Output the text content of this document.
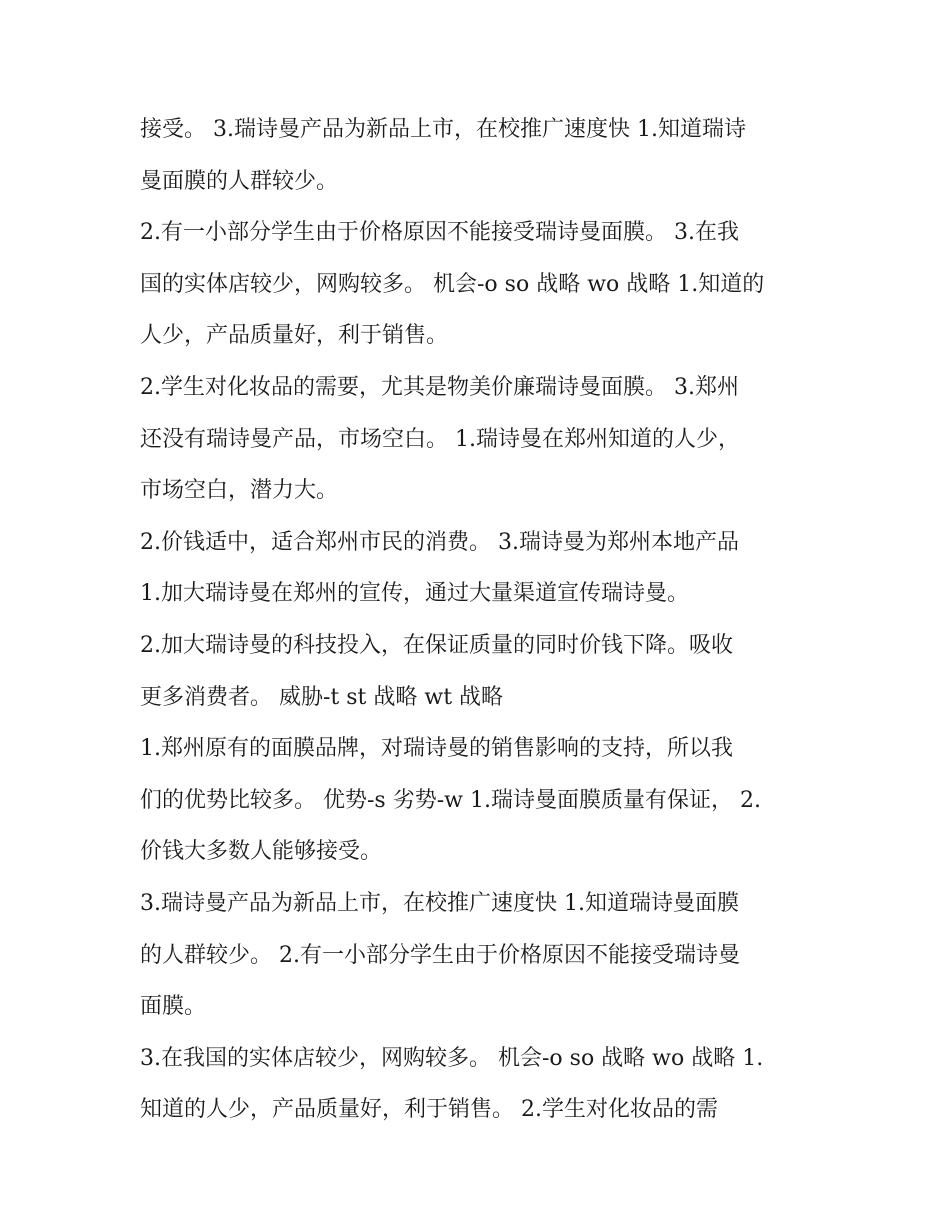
接受。 3.瑞诗曼产品为新品上市，在校推广速度快 1.知道瑞诗
曼面膜的人群较少。
2.有一小部分学生由于价格原因不能接受瑞诗曼面膜。 3.在我
国的实体店较少，网购较多。 机会-o so 战略 wo 战略 1.知道的
人少，产品质量好，利于销售。
2.学生对化妆品的需要，尤其是物美价廉瑞诗曼面膜。 3.郑州
还没有瑞诗曼产品，市场空白。 1.瑞诗曼在郑州知道的人少，
市场空白，潜力大。
2.价钱适中，适合郑州市民的消费。 3.瑞诗曼为郑州本地产品
1.加大瑞诗曼在郑州的宣传，通过大量渠道宣传瑞诗曼。
2.加大瑞诗曼的科技投入，在保证质量的同时价钱下降。吸收
更多消费者。 威胁-t st 战略 wt 战略
1.郑州原有的面膜品牌，对瑞诗曼的销售影响的支持，所以我
们的优势比较多。 优势-s 劣势-w 1.瑞诗曼面膜质量有保证， 2.
价钱大多数人能够接受。
3.瑞诗曼产品为新品上市，在校推广速度快 1.知道瑞诗曼面膜
的人群较少。 2.有一小部分学生由于价格原因不能接受瑞诗曼
面膜。
3.在我国的实体店较少，网购较多。 机会-o so 战略 wo 战略 1.
知道的人少，产品质量好，利于销售。 2.学生对化妆品的需
